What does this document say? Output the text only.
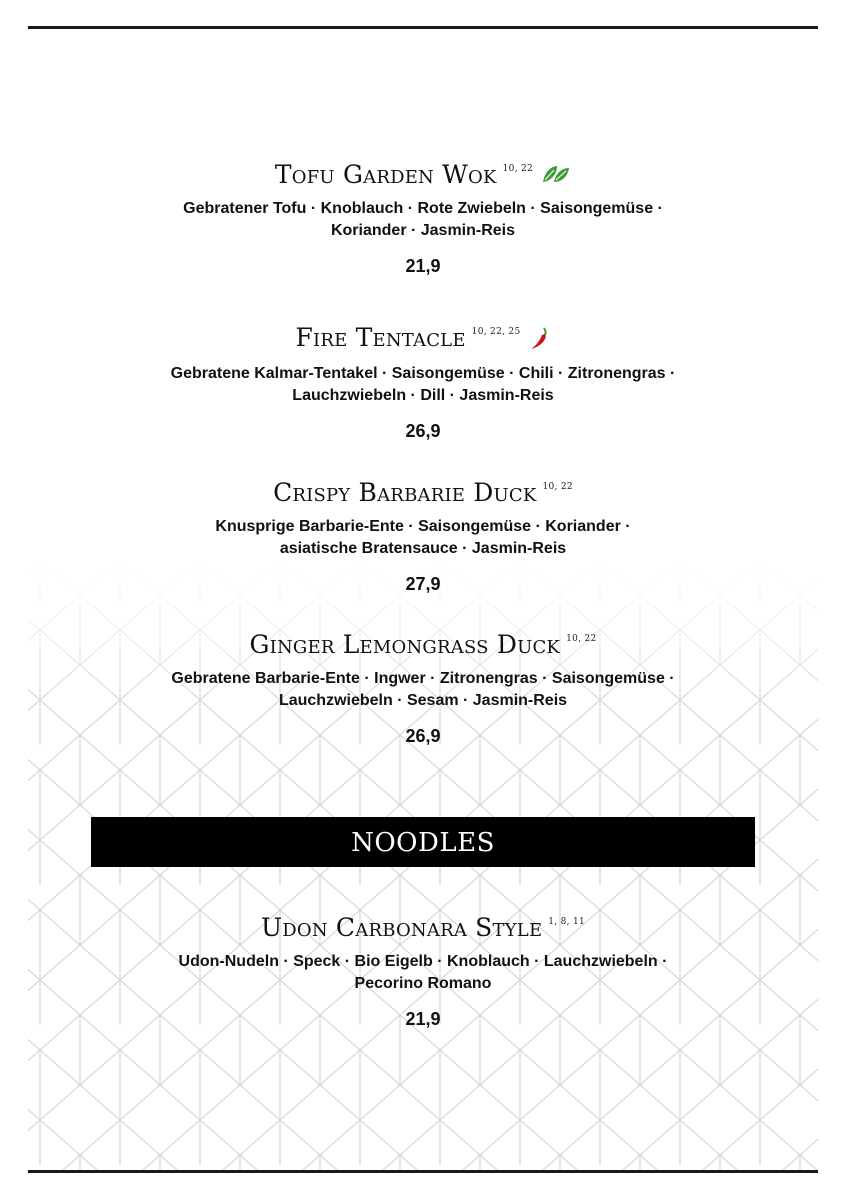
Tofu Garden Wok 10, 22
Gebratener Tofu · Knoblauch · Rote Zwiebeln · Saisongemüse ·
Koriander · Jasmin-Reis
21,9
Fire Tentacle 10, 22, 25
Gebratene Kalmar-Tentakel · Saisongemüse · Chili · Zitronengras ·
Lauchzwiebeln · Dill · Jasmin-Reis
26,9
Crispy Barbarie Duck 10, 22
Knusprige Barbarie-Ente · Saisongemüse · Koriander ·
asiatische Bratensauce · Jasmin-Reis
27,9
Ginger Lemongrass Duck 10, 22
Gebratene Barbarie-Ente · Ingwer · Zitronengras · Saisongemüse ·
Lauchzwiebeln · Sesam · Jasmin-Reis
26,9
NOODLES
Udon Carbonara Style 1, 8, 11
Udon-Nudeln · Speck · Bio Eigelb · Knoblauch · Lauchzwiebeln ·
Pecorino Romano
21,9
